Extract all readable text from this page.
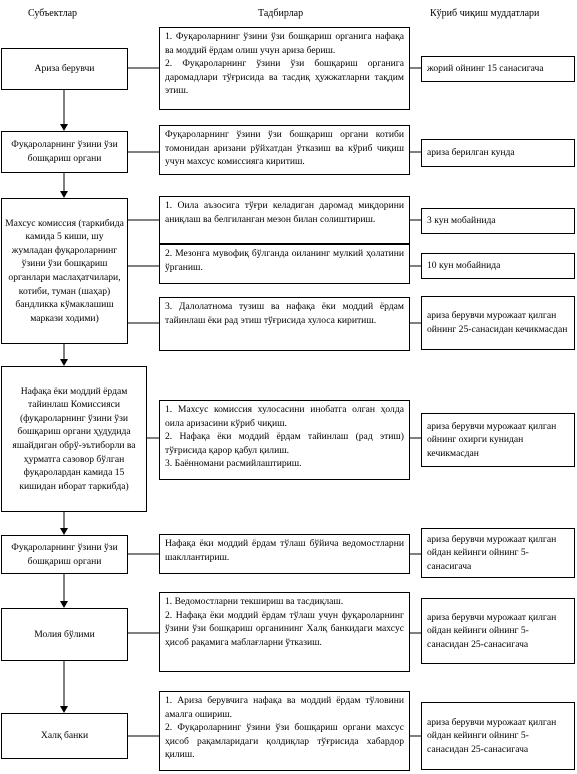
Субъектлар	Тадбирлар	Кўриб чиқиш муддатлари
Ариза берувчи
Фуқароларнинг ўзини ўзи бошқариш органи
Махсус комиссия (таркибида камида 5 киши, шу жумладан фуқароларнинг ўзини ўзи бошқариш органлари маслаҳатчилари, котиби, туман (шаҳар) бандликка кўмаклашиш маркази ходими)
Нафақа ёки моддий ёрдам тайинлаш Комиссияси (фуқароларнинг ўзини ўзи бошқариш органи ҳудудида яшайдиган обрў-эътиборли ва ҳурматга сазовор бўлган фуқаролардан камида 15 кишидан иборат таркибда)
Фуқароларнинг ўзини ўзи бошқариш органи
Молия бўлими
Халқ банки

1. Фуқароларнинг ўзини ўзи бошқариш органига нафақа ва моддий ёрдам олиш учун ариза бериш.

2. Фуқароларнинг ўзини ўзи бошқариш органига даромадлари тўғрисида ва тасдиқ ҳужжатларни тақдим этиш.

Фуқароларнинг ўзини ўзи бошқариш органи котиби томонидан аризани рўйхатдан ўтказиш ва кўриб чиқиш учун махсус комиссияга киритиш.

1. Оила аъзосига тўғри келадиган даромад миқдорини аниқлаш ва белгиланган мезон билан солиштириш.

2. Мезонга мувофиқ бўлганда оиланинг мулкий ҳолатини ўрганиш.

3. Далолатнома тузиш ва нафақа ёки моддий ёрдам тайинлаш ёки рад этиш тўғрисида хулоса киритиш.

1. Махсус комиссия хулосасини инобатга олган ҳолда оила аризасини кўриб чиқиш.

2. Нафақа ёки моддий ёрдам тайинлаш (рад этиш) тўғрисида қарор қабул қилиш.

3. Баённомани расмийлаштириш.

Нафақа ёки моддий ёрдам тўлаш бўйича ведомостларни шакллантириш.

1. Ведомостларни текшириш ва тасдиқлаш.

2. Нафақа ёки моддий ёрдам тўлаш учун фуқароларнинг ўзини ўзи бошқариш органининг Халқ банкидаги махсус ҳисоб рақамига маблағларни ўтказиш.

1. Ариза берувчига нафақа ва моддий ёрдам тўловини амалга ошириш.

2. Фуқароларнинг ўзини ўзи бошқариш органи махсус ҳисоб рақамларидаги қолдиқлар тўғрисида хабардор қилиш.

жорий ойнинг 15 санасигача
ариза берилган кунда
3 кун мобайнида
10 кун мобайнида
ариза берувчи мурожаат қилган ойнинг 25-санасидан кечикмасдан
ариза берувчи мурожаат қилган ойнинг охирги кунидан кечикмасдан
ариза берувчи мурожаат қилган ойдан кейинги ойнинг 5-санасигача
ариза берувчи мурожаат қилган ойдан кейинги ойнинг 5-санасидан 25-санасигача
ариза берувчи мурожаат қилган ойдан кейинги ойнинг 5-санасидан 25-санасигача
